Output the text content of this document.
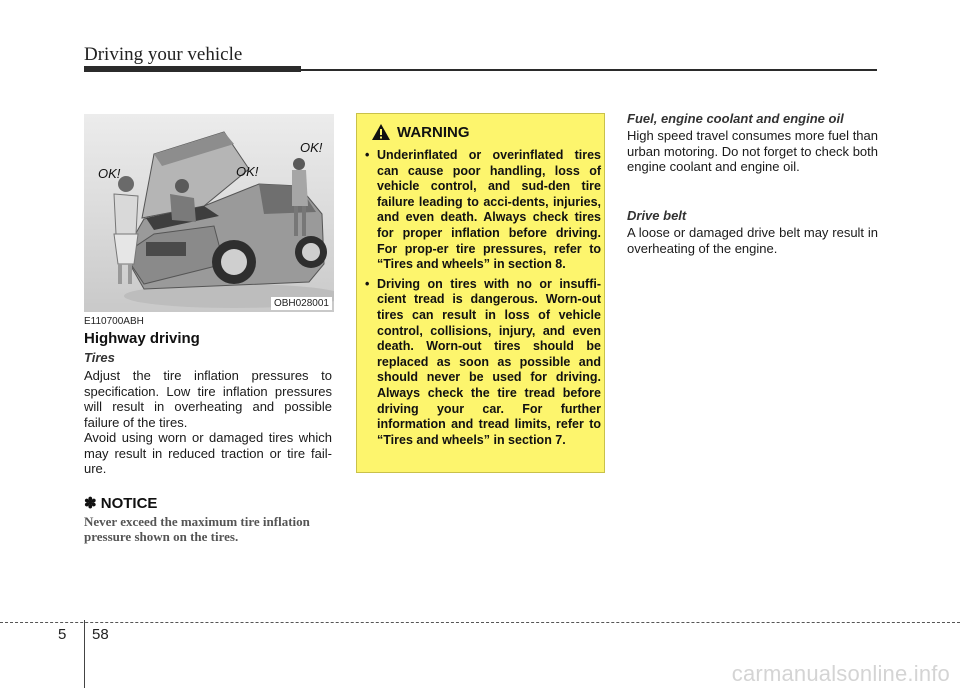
Driving your vehicle
OK!	OK!
OK!
OBH028001
E110700ABH
Highway driving
Tires

Adjust the tire inflation pressures to specification. Low tire inflation pressures will result in overheating and possible failure of the tires.

Avoid using worn or damaged tires which may result in reduced traction or tire fail-ure.

✽ NOTICE

Never exceed the maximum tire inflation pressure shown on the tires.

WARNING
• Underinflated or overinflated tires can cause poor handling, loss of vehicle control, and sud-den tire failure leading to acci-dents, injuries, and even death. Always check tires for proper inflation before driving. For prop-er tire pressures, refer to “Tires and wheels” in section 8.
• Driving on tires with no or insuffi-cient tread is dangerous. Worn-out tires can result in loss of vehicle control, collisions, injury, and even death. Worn-out tires should be replaced as soon as possible and should never be used for driving. Always check the tire tread before driving your car. For further information and tread limits, refer to “Tires and wheels” in section 7.
Fuel, engine coolant and engine oil

High speed travel consumes more fuel than urban motoring. Do not forget to check both engine coolant and engine oil.

Drive belt

A loose or damaged drive belt may result in overheating of the engine.

5 58
carmanualsonline.info
